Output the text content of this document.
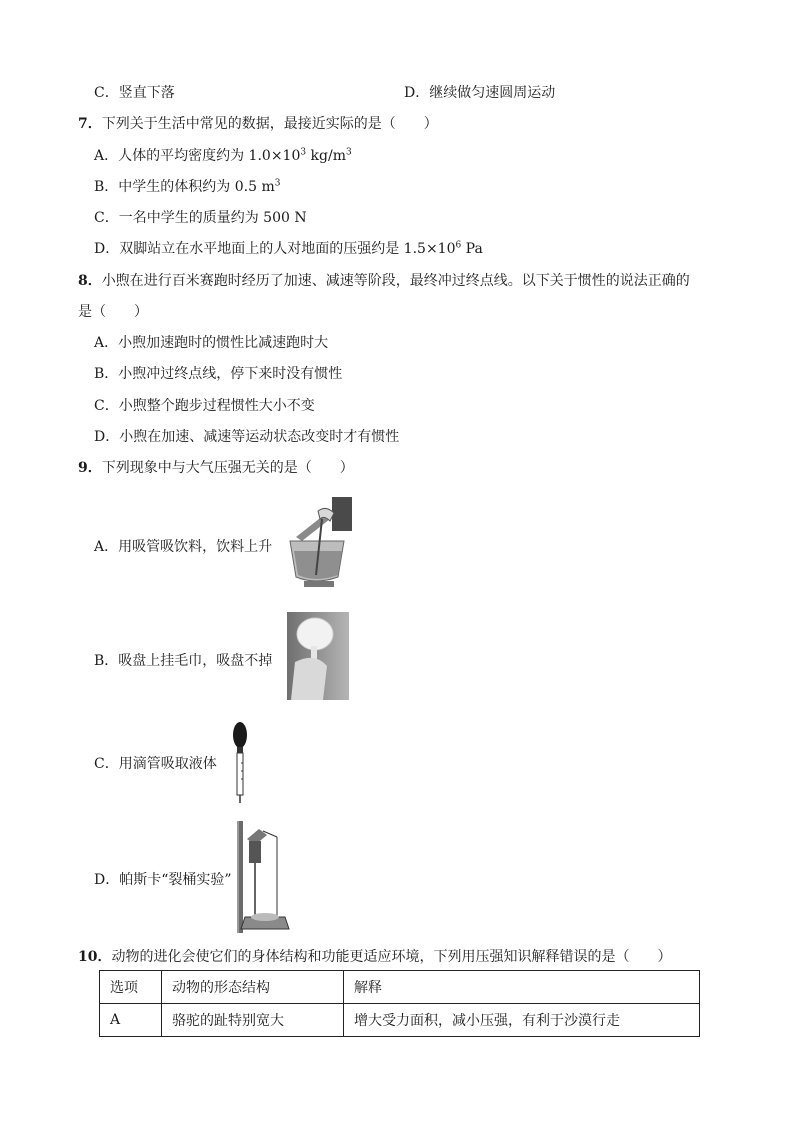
C．竖直下落	D．继续做匀速圆周运动
7．下列关于生活中常见的数据，最接近实际的是（　　）
A．人体的平均密度约为 $1.0\times 10^3$ $kg/m^3$
B．中学生的体积约为 0.5 $m^3$
C．一名中学生的质量约为 500 N
D．双脚站立在水平地面上的人对地面的压强约是 $1.5\times 10^6$ Pa
8．小煦在进行百米赛跑时经历了加速、减速等阶段，最终冲过终点线。以下关于惯性的说法正确的
是（　　）
A．小煦加速跑时的惯性比减速跑时大
B．小煦冲过终点线，停下来时没有惯性
C．小煦整个跑步过程惯性大小不变
D．小煦在加速、减速等运动状态改变时才有惯性
9．下列现象中与大气压强无关的是（　　）
A．用吸管吸饮料，饮料上升
B．吸盘上挂毛巾，吸盘不掉
C．用滴管吸取液体
D．帕斯卡“裂桶实验”
10．动物的进化会使它们的身体结构和功能更适应环境，下列用压强知识解释错误的是（　　）
选项	动物的形态结构	解释
A	骆驼的趾特别宽大	增大受力面积，减小压强，有利于沙漠行走
